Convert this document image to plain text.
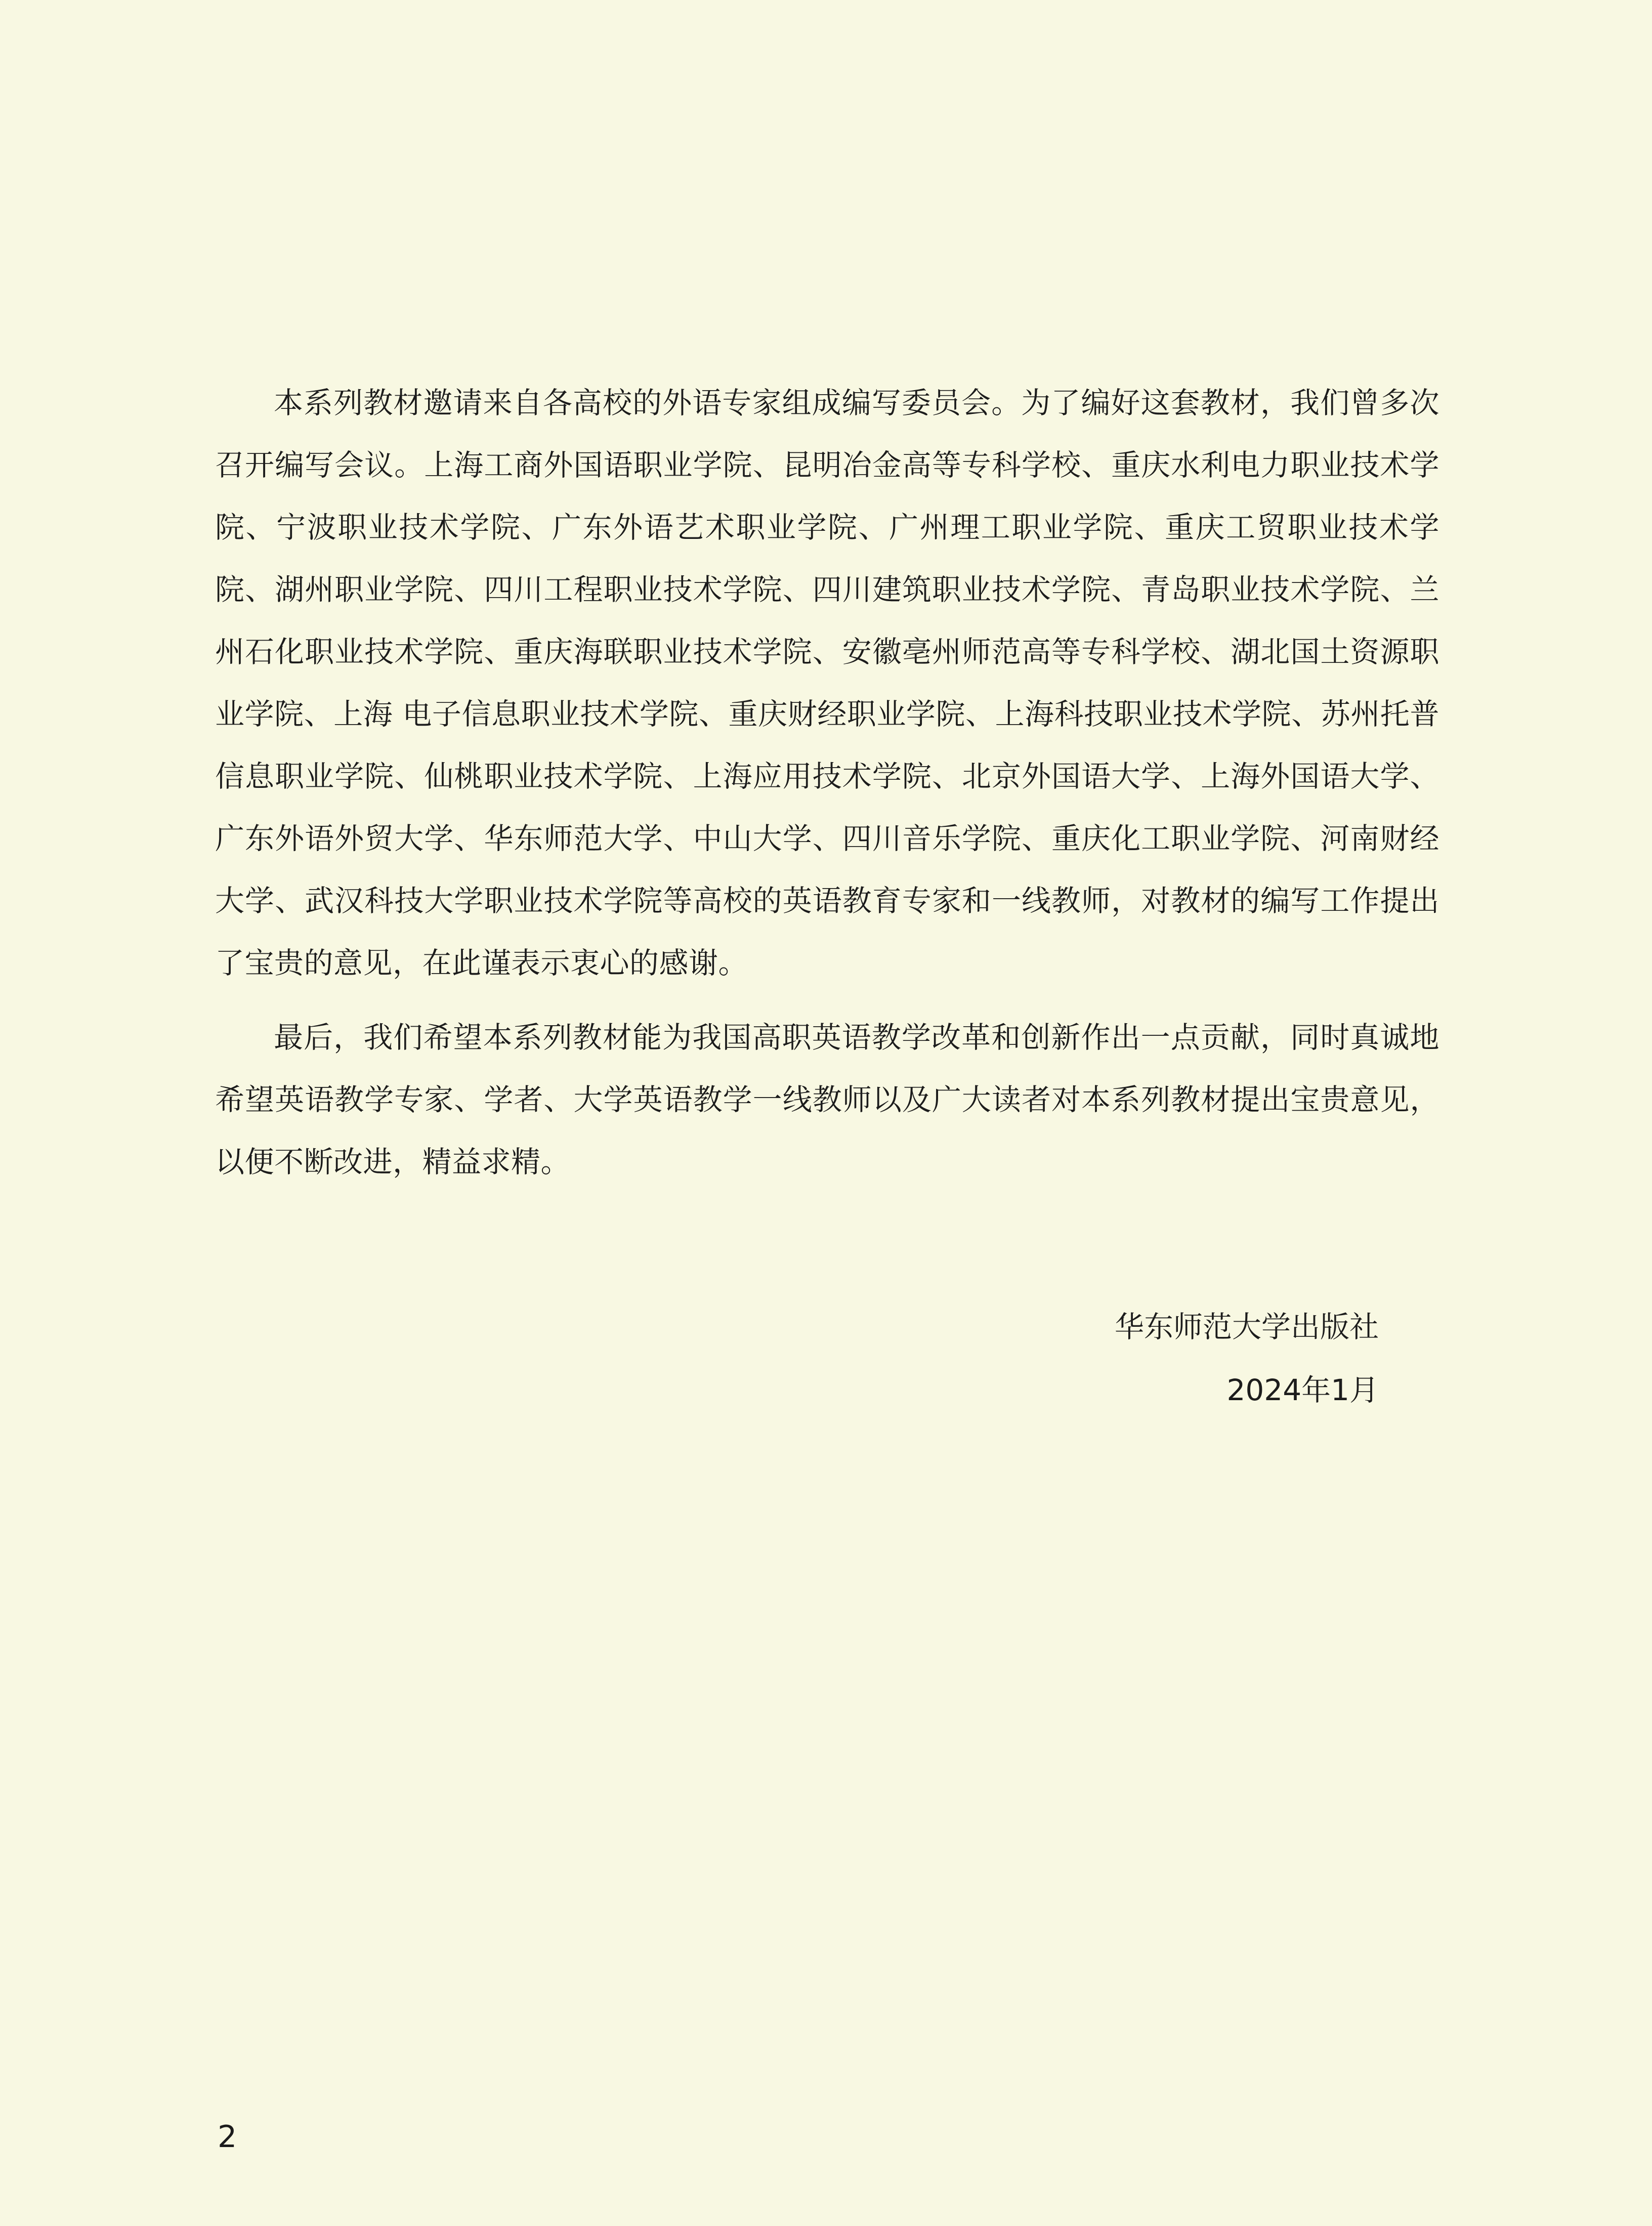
本系列教材邀请来自各高校的外语专家组成编写委员会。为了编好这套教材，我们曾多次召开编写会议。上海工商外国语职业学院、昆明冶金高等专科学校、重庆水利电力职业技术学院、宁波职业技术学院、广东外语艺术职业学院、广州理工职业学院、重庆工贸职业技术学院、湖州职业学院、四川工程职业技术学院、四川建筑职业技术学院、青岛职业技术学院、兰州石化职业技术学院、重庆海联职业技术学院、安徽亳州师范高等专科学校、湖北国土资源职业学院、上海 电子信息职业技术学院、重庆财经职业学院、上海科技职业技术学院、苏州托普信息职业学院、仙桃职业技术学院、上海应用技术学院、北京外国语大学、上海外国语大学、广东外语外贸大学、华东师范大学、中山大学、四川音乐学院、重庆化工职业学院、河南财经大学、武汉科技大学职业技术学院等高校的英语教育专家和一线教师，对教材的编写工作提出了宝贵的意见，在此谨表示衷心的感谢。

最后，我们希望本系列教材能为我国高职英语教学改革和创新作出一点贡献，同时真诚地希望英语教学专家、学者、大学英语教学一线教师以及广大读者对本系列教材提出宝贵意见，以便不断改进，精益求精。

华东师范大学出版社
2024年1月
2
